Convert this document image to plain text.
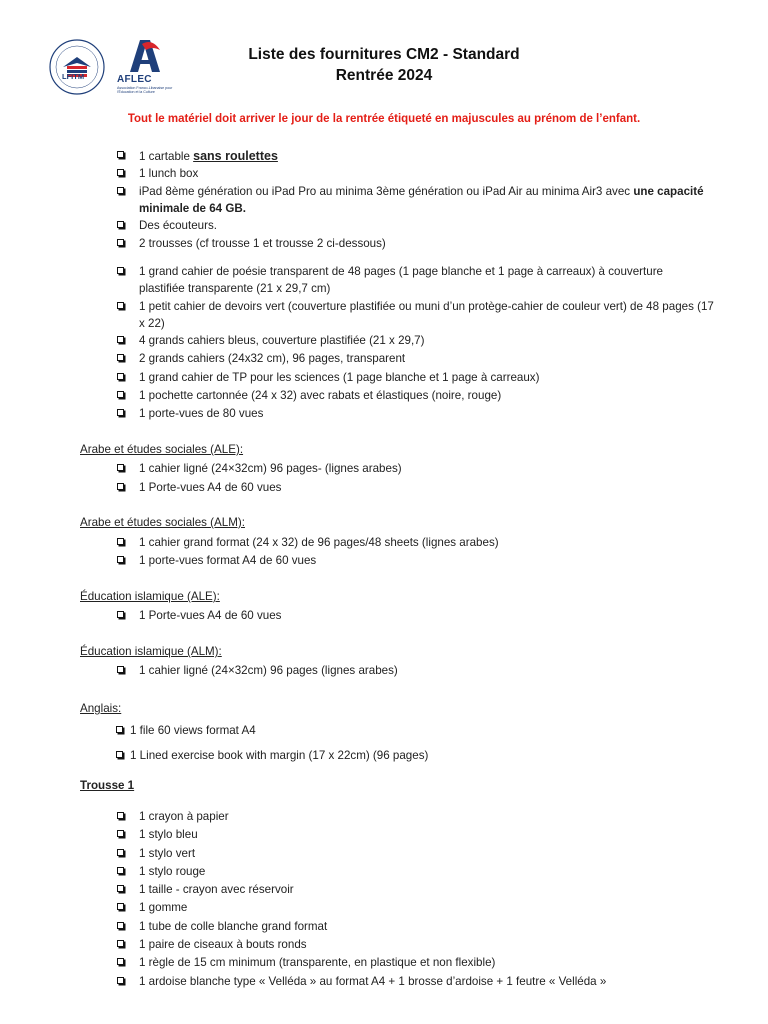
LFITM	AFLEC
Association Franco-Libanaise pour l'Éducation et la Culture
Liste des fournitures CM2 - Standard
Rentrée 2024
Tout le matériel doit arriver le jour de la rentrée étiqueté en majuscules au prénom de l’enfant.
1 cartable sans roulettes
1 lunch box
iPad 8ème génération ou iPad Pro au minima 3ème génération ou iPad Air au minima Air3 avec une capacité minimale de 64 GB.
Des écouteurs.
2 trousses (cf trousse 1 et trousse 2 ci-dessous)
1 grand cahier de poésie transparent de 48 pages (1 page blanche et 1 page à carreaux) à couverture plastifiée transparente (21 x 29,7 cm)
1 petit cahier de devoirs vert (couverture plastifiée ou muni d’un protège-cahier de couleur vert) de 48 pages (17 x 22)
4 grands cahiers bleus, couverture plastifiée (21 x 29,7)
2 grands cahiers (24x32 cm), 96 pages, transparent
1 grand cahier de TP pour les sciences (1 page blanche et 1 page à carreaux)
1 pochette cartonnée (24 x 32) avec rabats et élastiques (noire, rouge)
1 porte-vues de 80 vues
Arabe et études sociales (ALE):
1 cahier ligné (24×32cm) 96 pages- (lignes arabes)
1 Porte-vues A4 de 60 vues
Arabe et études sociales (ALM):
1 cahier grand format (24 x 32) de 96 pages/48 sheets (lignes arabes)
1 porte-vues format A4 de 60 vues
Éducation islamique (ALE):
1 Porte-vues A4 de 60 vues
Éducation islamique (ALM):
1 cahier ligné (24×32cm) 96 pages (lignes arabes)
Anglais:
1 file 60 views format A4
1 Lined exercise book with margin (17 x 22cm) (96 pages)
Trousse 1
1 crayon à papier
1 stylo bleu
1 stylo vert
1 stylo rouge
1 taille - crayon avec réservoir
1 gomme
1 tube de colle blanche grand format
1 paire de ciseaux à bouts ronds
1 règle de 15 cm minimum (transparente, en plastique et non flexible)
1 ardoise blanche type « Velléda » au format A4 + 1 brosse d’ardoise + 1 feutre « Velléda »
